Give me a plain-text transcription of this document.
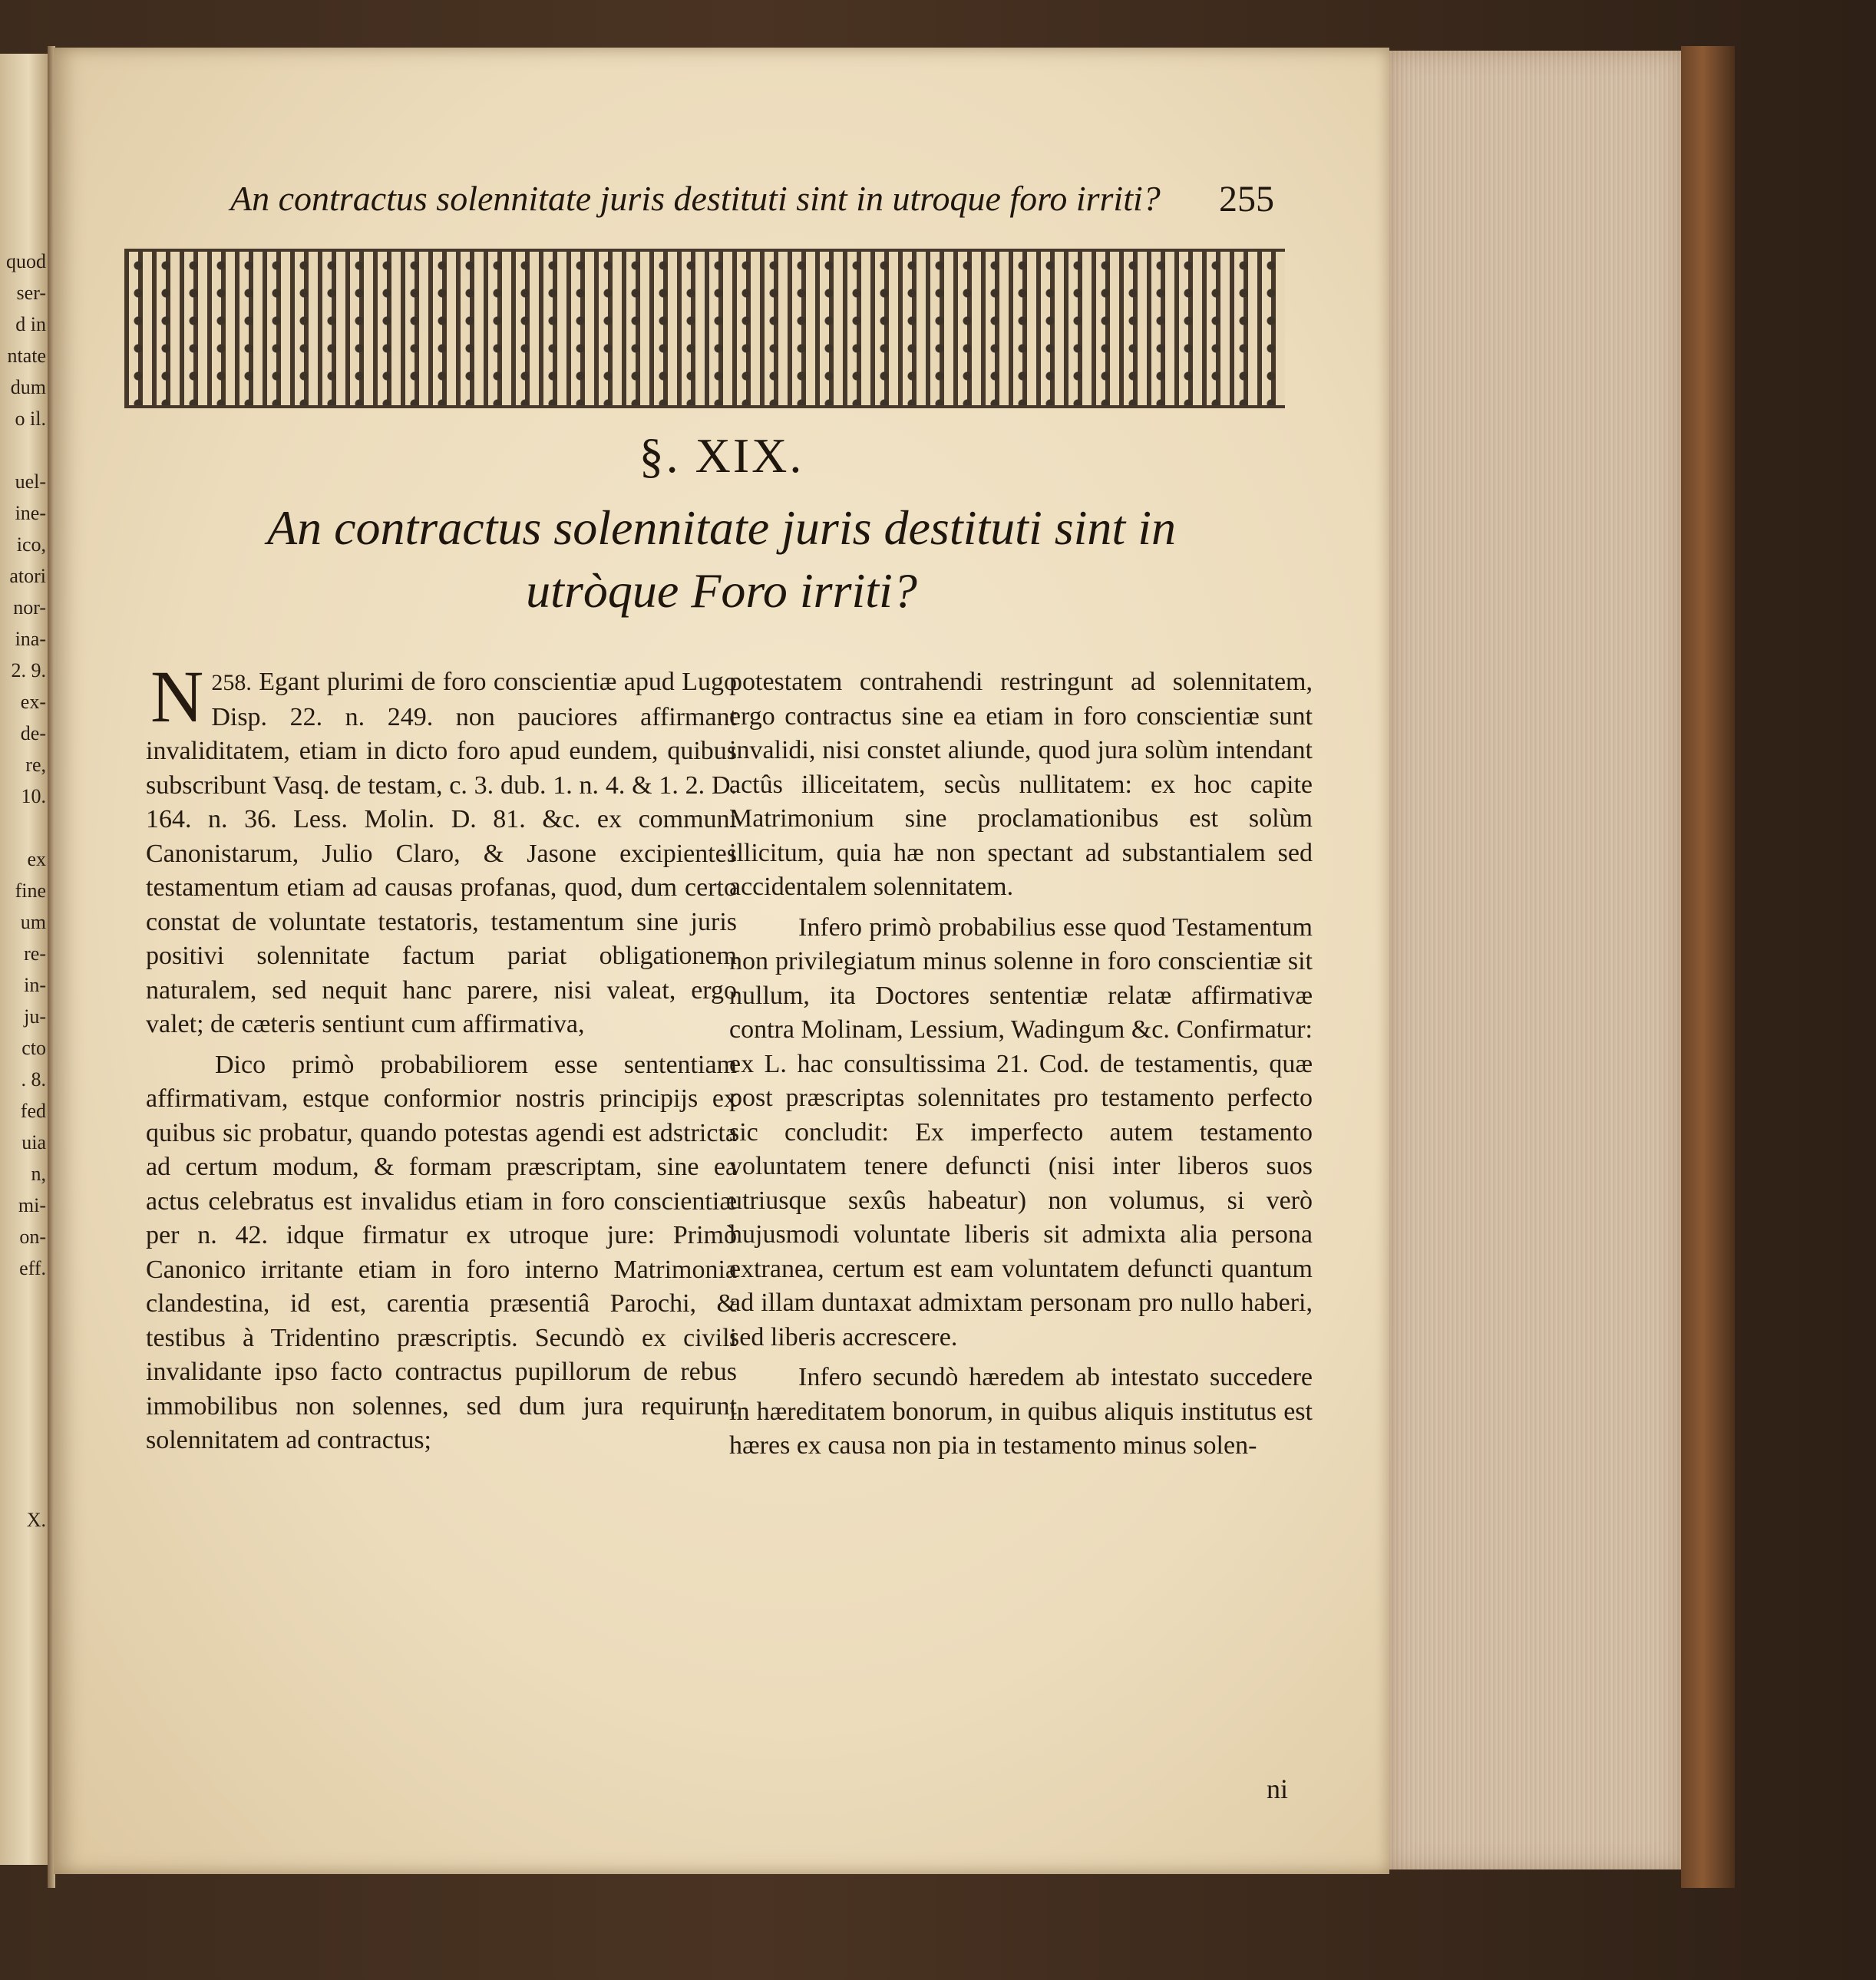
quod
ser-
d in
ntate
dum
o il.
uel-
ine-
ico,
atori
nor-
ina-
2. 9.
ex-
de-
re,
10.
ex
fine
um
re-
in-
ju-
cto
. 8.
fed
uia
n,
mi-
on-
eff.
X.
An contractus solennitate juris destituti sint in utroque foro irriti? 255
§. XIX.
An contractus solennitate juris destituti sint in
utròque Foro irriti?

258.
N Egant plurimi de foro conscientiæ apud Lugo Disp. 22. n. 249. non pauciores affirmant invaliditatem, etiam in dicto foro apud eundem, quibus subscribunt Vasq. de testam, c. 3. dub. 1. n. 4. & 1. 2. D. 164. n. 36. Less. Molin. D. 81. &c. ex communi Canonistarum, Julio Claro, & Jasone excipientes testamentum etiam ad causas profanas, quod, dum certo constat de voluntate testatoris, testamentum sine juris positivi solennitate factum pariat obligationem naturalem, sed nequit hanc parere, nisi valeat, ergo valet; de cæteris sentiunt cum affirmativa,

Dico primò probabiliorem esse sententiam affirmativam, estque conformior nostris principijs ex quibus sic probatur, quando potestas agendi est adstricta ad certum modum, & formam præscriptam, sine ea actus celebratus est invalidus etiam in foro conscientiæ per n. 42. idque firmatur ex utroque jure: Primò Canonico irritante etiam in foro interno Matrimonia clandestina, id est, carentia præsentiâ Parochi, & testibus à Tridentino præscriptis. Secundò ex civili invalidante ipso facto contractus pupillorum de rebus immobilibus non solennes, sed dum jura requirunt solennitatem ad contractus;

potestatem contrahendi restringunt ad solennitatem, ergo contractus sine ea etiam in foro conscientiæ sunt invalidi, nisi constet aliunde, quod jura solùm intendant actûs illiceitatem, secùs nullitatem: ex hoc capite Matrimonium sine proclamationibus est solùm illicitum, quia hæ non spectant ad substantialem sed accidentalem solennitatem.

Infero primò probabilius esse quod Testamentum non privilegiatum minus solenne in foro conscientiæ sit nullum, ita Doctores sententiæ relatæ affirmativæ contra Molinam, Lessium, Wadingum &c. Confirmatur: ex L. hac consultissima 21. Cod. de testamentis, quæ post præscriptas solennitates pro testamento perfecto sic concludit: Ex imperfecto autem testamento voluntatem tenere defuncti (nisi inter liberos suos utriusque sexûs habeatur) non volumus, si verò hujusmodi voluntate liberis sit admixta alia persona extranea, certum est eam voluntatem defuncti quantum ad illam duntaxat admixtam personam pro nullo haberi, sed liberis accrescere.

Infero secundò hæredem ab intestato succedere in hæreditatem bonorum, in quibus aliquis institutus est hæres ex causa non pia in testamento minus solen-

ni
